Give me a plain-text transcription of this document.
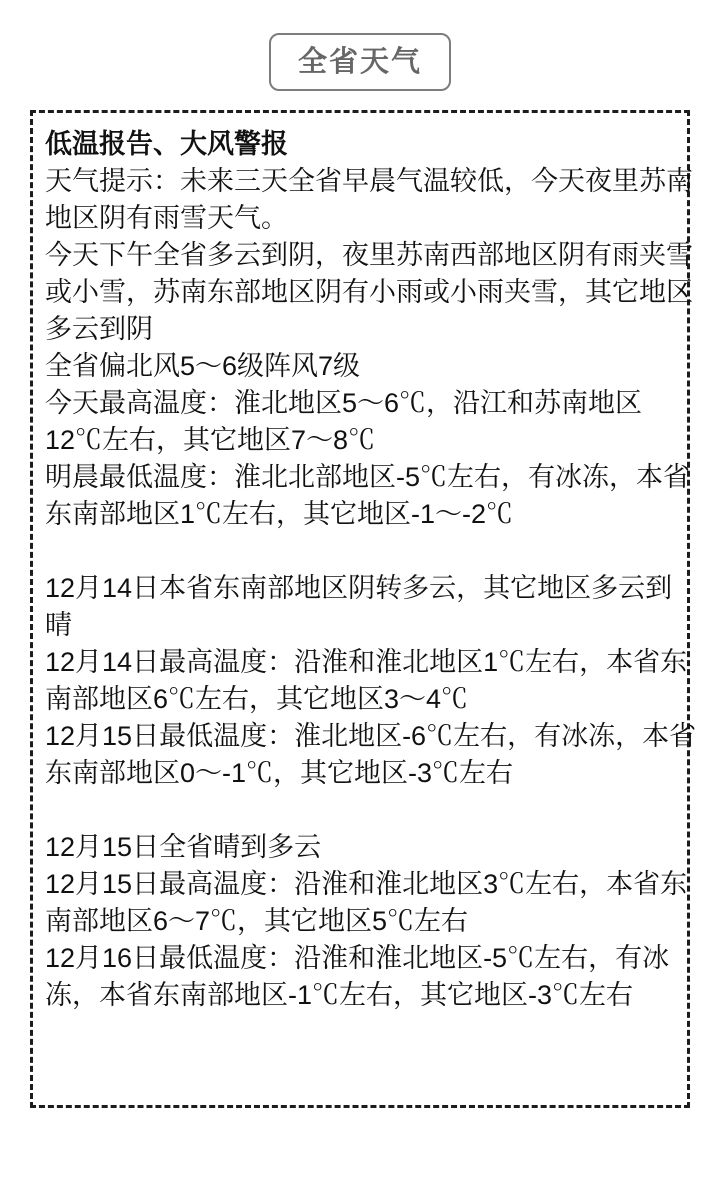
全省天气
低温报告、大风警报
天气提示：未来三天全省早晨气温较低，今天夜里苏南
地区阴有雨雪天气。
今天下午全省多云到阴，夜里苏南西部地区阴有雨夹雪
或小雪，苏南东部地区阴有小雨或小雨夹雪，其它地区
多云到阴
全省偏北风5～6级阵风7级
今天最高温度：淮北地区5～6℃，沿江和苏南地区
12℃左右，其它地区7～8℃
明晨最低温度：淮北北部地区-5℃左右，有冰冻，本省
东南部地区1℃左右，其它地区-1～-2℃
12月14日本省东南部地区阴转多云，其它地区多云到
晴
12月14日最高温度：沿淮和淮北地区1℃左右，本省东
南部地区6℃左右，其它地区3～4℃
12月15日最低温度：淮北地区-6℃左右，有冰冻，本省
东南部地区0～-1℃，其它地区-3℃左右
12月15日全省晴到多云
12月15日最高温度：沿淮和淮北地区3℃左右，本省东
南部地区6～7℃，其它地区5℃左右
12月16日最低温度：沿淮和淮北地区-5℃左右，有冰
冻，本省东南部地区-1℃左右，其它地区-3℃左右
